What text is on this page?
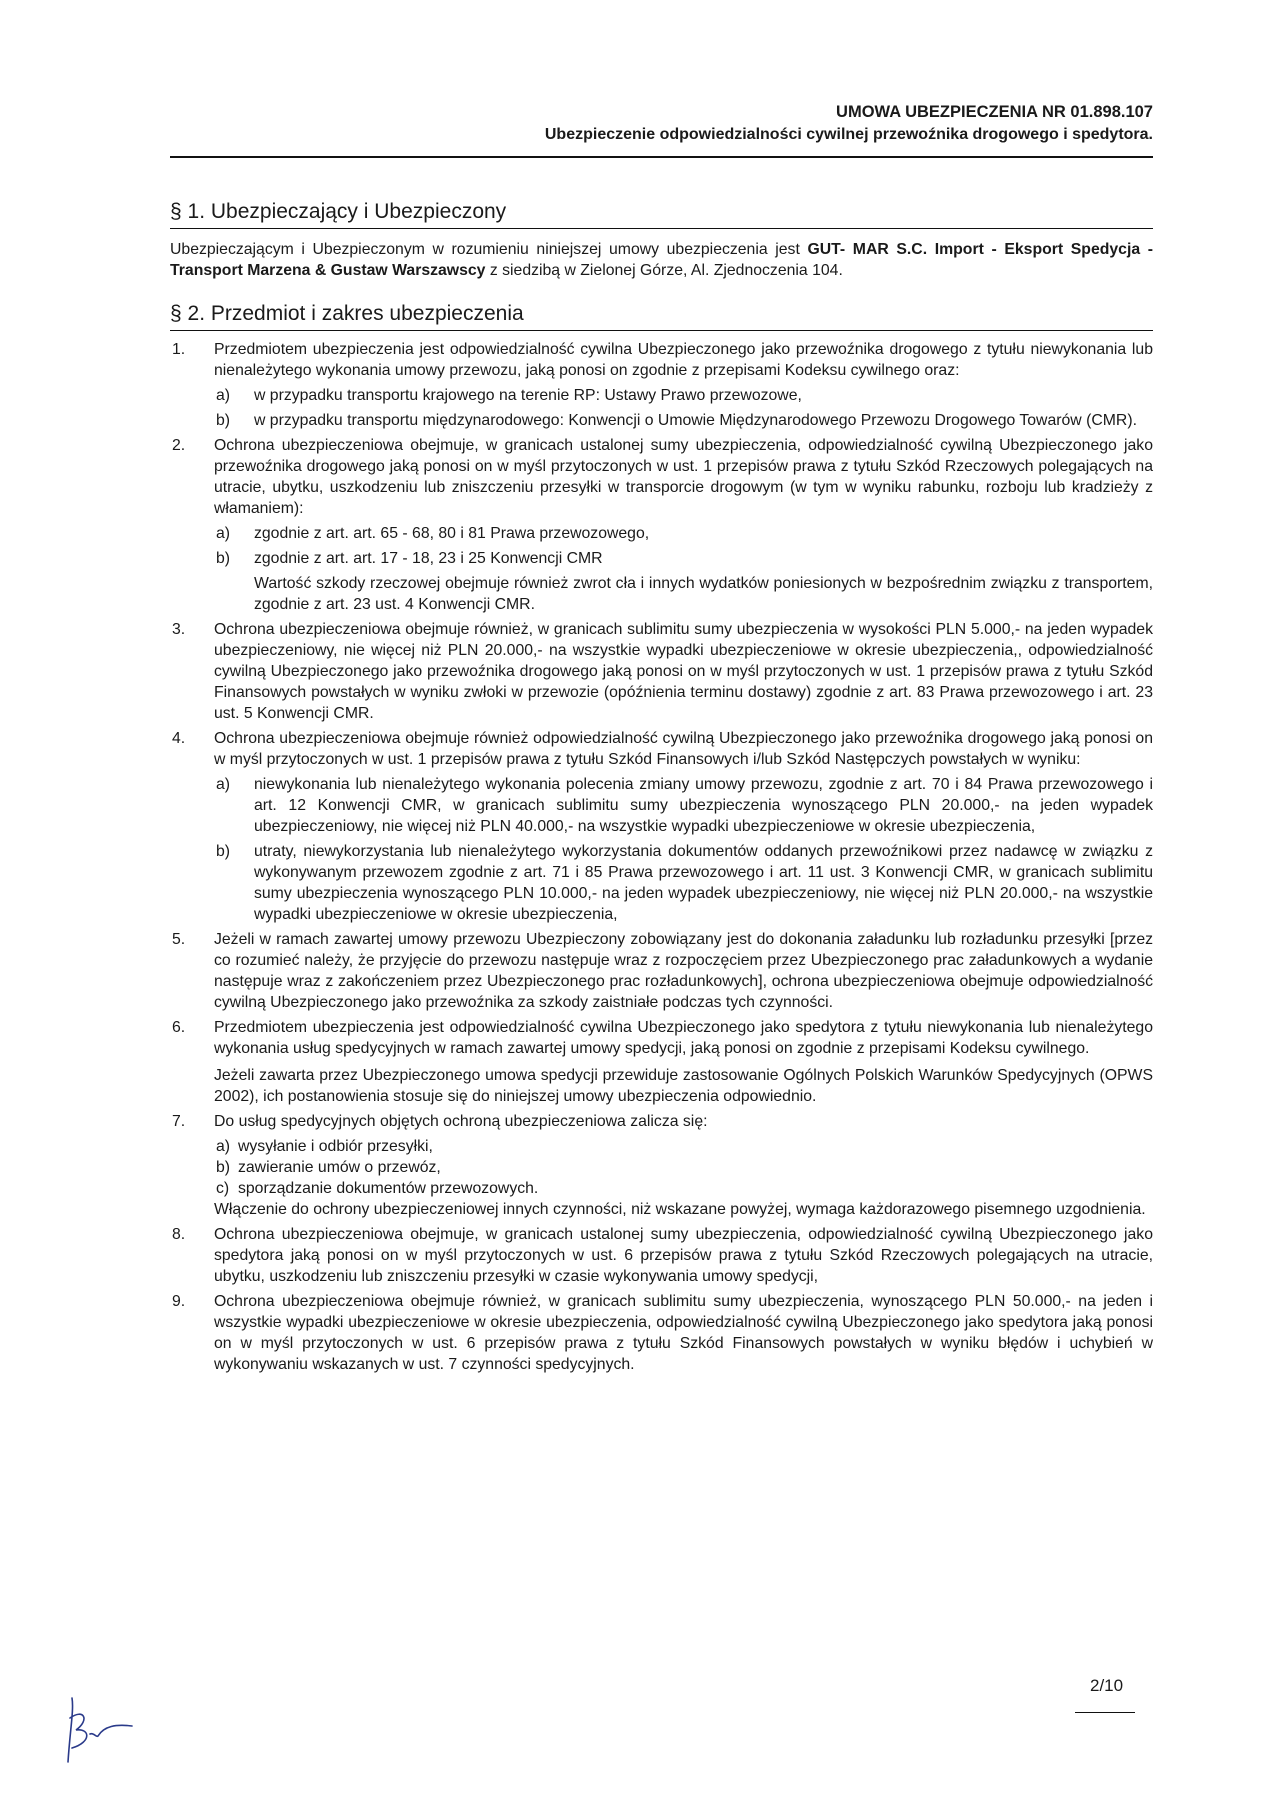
UMOWA UBEZPIECZENIA NR 01.898.107
Ubezpieczenie odpowiedzialności cywilnej przewoźnika drogowego i spedytora.
§ 1. Ubezpieczający i Ubezpieczony

Ubezpieczającym i Ubezpieczonym w rozumieniu niniejszej umowy ubezpieczenia jest GUT- MAR S.C. Import - Eksport Spedycja - Transport Marzena & Gustaw Warszawscy z siedzibą w Zielonej Górze, Al. Zjednoczenia 104.

§ 2. Przedmiot i zakres ubezpieczenia
1. Przedmiotem ubezpieczenia jest odpowiedzialność cywilna Ubezpieczonego jako przewoźnika drogowego z tytułu niewykonania lub nienależytego wykonania umowy przewozu, jaką ponosi on zgodnie z przepisami Kodeksu cywilnego oraz:

a) w przypadku transportu krajowego na terenie RP: Ustawy Prawo przewozowe,
b) w przypadku transportu międzynarodowego: Konwencji o Umowie Międzynarodowego Przewozu Drogowego Towarów (CMR).
2. Ochrona ubezpieczeniowa obejmuje, w granicach ustalonej sumy ubezpieczenia, odpowiedzialność cywilną Ubezpieczonego jako przewoźnika drogowego jaką ponosi on w myśl przytoczonych w ust. 1 przepisów prawa z tytułu Szkód Rzeczowych polegających na utracie, ubytku, uszkodzeniu lub zniszczeniu przesyłki w transporcie drogowym (w tym w wyniku rabunku, rozboju lub kradzieży z włamaniem):

a) zgodnie z art. art. 65 - 68, 80 i 81 Prawa przewozowego,
b) zgodnie z art. art. 17 - 18, 23 i 25 Konwencji CMR

Wartość szkody rzeczowej obejmuje również zwrot cła i innych wydatków poniesionych w bezpośrednim związku z transportem, zgodnie z art. 23 ust. 4 Konwencji CMR.

3. Ochrona ubezpieczeniowa obejmuje również, w granicach sublimitu sumy ubezpieczenia w wysokości PLN 5.000,- na jeden wypadek ubezpieczeniowy, nie więcej niż PLN 20.000,- na wszystkie wypadki ubezpieczeniowe w okresie ubezpieczenia,, odpowiedzialność cywilną Ubezpieczonego jako przewoźnika drogowego jaką ponosi on w myśl przytoczonych w ust. 1 przepisów prawa z tytułu Szkód Finansowych powstałych w wyniku zwłoki w przewozie (opóźnienia terminu dostawy) zgodnie z art. 83 Prawa przewozowego i art. 23 ust. 5 Konwencji CMR.

4. Ochrona ubezpieczeniowa obejmuje również odpowiedzialność cywilną Ubezpieczonego jako przewoźnika drogowego jaką ponosi on w myśl przytoczonych w ust. 1 przepisów prawa z tytułu Szkód Finansowych i/lub Szkód Następczych powstałych w wyniku:

a) niewykonania lub nienależytego wykonania polecenia zmiany umowy przewozu, zgodnie z art. 70 i 84 Prawa przewozowego i art. 12 Konwencji CMR, w granicach sublimitu sumy ubezpieczenia wynoszącego PLN 20.000,- na jeden wypadek ubezpieczeniowy, nie więcej niż PLN 40.000,- na wszystkie wypadki ubezpieczeniowe w okresie ubezpieczenia,
b) utraty, niewykorzystania lub nienależytego wykorzystania dokumentów oddanych przewoźnikowi przez nadawcę w związku z wykonywanym przewozem zgodnie z art. 71 i 85 Prawa przewozowego i art. 11 ust. 3 Konwencji CMR, w granicach sublimitu sumy ubezpieczenia wynoszącego PLN 10.000,- na jeden wypadek ubezpieczeniowy, nie więcej niż PLN 20.000,- na wszystkie wypadki ubezpieczeniowe w okresie ubezpieczenia,
5. Jeżeli w ramach zawartej umowy przewozu Ubezpieczony zobowiązany jest do dokonania załadunku lub rozładunku przesyłki [przez co rozumieć należy, że przyjęcie do przewozu następuje wraz z rozpoczęciem przez Ubezpieczonego prac załadunkowych a wydanie następuje wraz z zakończeniem przez Ubezpieczonego prac rozładunkowych], ochrona ubezpieczeniowa obejmuje odpowiedzialność cywilną Ubezpieczonego jako przewoźnika za szkody zaistniałe podczas tych czynności.

6. Przedmiotem ubezpieczenia jest odpowiedzialność cywilna Ubezpieczonego jako spedytora z tytułu niewykonania lub nienależytego wykonania usług spedycyjnych w ramach zawartej umowy spedycji, jaką ponosi on zgodnie z przepisami Kodeksu cywilnego.

Jeżeli zawarta przez Ubezpieczonego umowa spedycji przewiduje zastosowanie Ogólnych Polskich Warunków Spedycyjnych (OPWS 2002), ich postanowienia stosuje się do niniejszej umowy ubezpieczenia odpowiednio.

7. Do usług spedycyjnych objętych ochroną ubezpieczeniowa zalicza się:

a) wysyłanie i odbiór przesyłki,
b) zawieranie umów o przewóz,
c) sporządzanie dokumentów przewozowych.

Włączenie do ochrony ubezpieczeniowej innych czynności, niż wskazane powyżej, wymaga każdorazowego pisemnego uzgodnienia.

8. Ochrona ubezpieczeniowa obejmuje, w granicach ustalonej sumy ubezpieczenia, odpowiedzialność cywilną Ubezpieczonego jako spedytora jaką ponosi on w myśl przytoczonych w ust. 6 przepisów prawa z tytułu Szkód Rzeczowych polegających na utracie, ubytku, uszkodzeniu lub zniszczeniu przesyłki w czasie wykonywania umowy spedycji,

9. Ochrona ubezpieczeniowa obejmuje również, w granicach sublimitu sumy ubezpieczenia, wynoszącego PLN 50.000,- na jeden i wszystkie wypadki ubezpieczeniowe w okresie ubezpieczenia, odpowiedzialność cywilną Ubezpieczonego jako spedytora jaką ponosi on w myśl przytoczonych w ust. 6 przepisów prawa z tytułu Szkód Finansowych powstałych w wyniku błędów i uchybień w wykonywaniu wskazanych w ust. 7 czynności spedycyjnych.

2/10
